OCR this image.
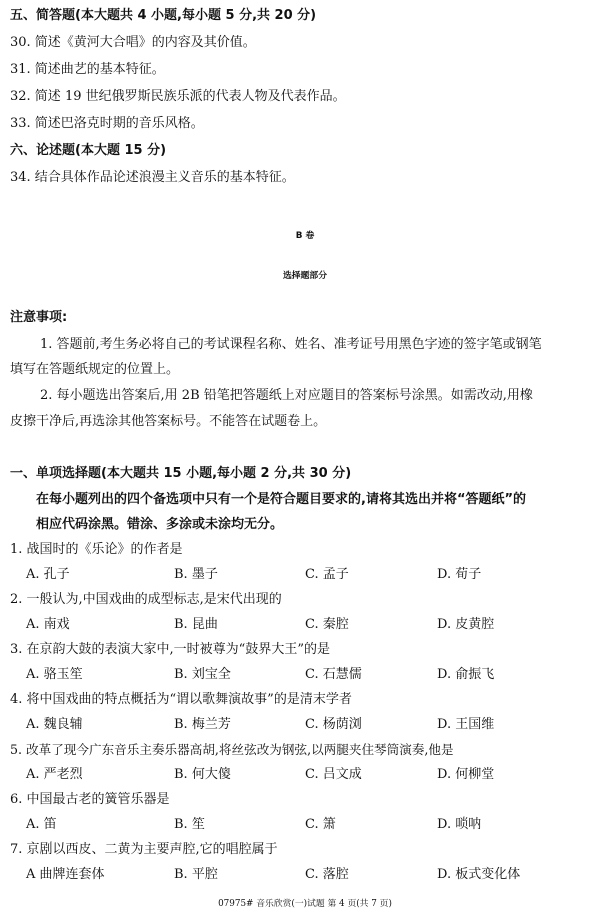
五、简答题(本大题共 4 小题,每小题 5 分,共 20 分)
30. 简述《黄河大合唱》的内容及其价值。
31. 简述曲艺的基本特征。
32. 简述 19 世纪俄罗斯民族乐派的代表人物及代表作品。
33. 简述巴洛克时期的音乐风格。
六、论述题(本大题 15 分)
34. 结合具体作品论述浪漫主义音乐的基本特征。
B 卷
选择题部分
注意事项:
1. 答题前,考生务必将自己的考试课程名称、姓名、准考证号用黑色字迹的签字笔或钢笔
填写在答题纸规定的位置上。
2. 每小题选出答案后,用 2B 铅笔把答题纸上对应题目的答案标号涂黑。如需改动,用橡
皮擦干净后,再选涂其他答案标号。不能答在试题卷上。
一、单项选择题(本大题共 15 小题,每小题 2 分,共 30 分)
在每小题列出的四个备选项中只有一个是符合题目要求的,请将其选出并将“答题纸”的
相应代码涂黑。错涂、多涂或未涂均无分。
1. 战国时的《乐论》的作者是
A. 孔子	B. 墨子	C. 孟子	D. 荀子
2. 一般认为,中国戏曲的成型标志,是宋代出现的
A. 南戏	B. 昆曲	C. 秦腔	D. 皮黄腔
3. 在京韵大鼓的表演大家中,一时被尊为“鼓界大王”的是
A. 骆玉笙	B. 刘宝全	C. 石慧儒	D. 俞振飞
4. 将中国戏曲的特点概括为“谓以歌舞演故事”的是清末学者
A. 魏良辅	B. 梅兰芳	C. 杨荫浏	D. 王国维
5. 改革了现今广东音乐主奏乐器高胡,将丝弦改为钢弦,以两腿夹住琴筒演奏,他是
A. 严老烈	B. 何大傻	C. 吕文成	D. 何柳堂
6. 中国最古老的簧管乐器是
A. 笛	B. 笙	C. 箫	D. 唢呐
7. 京剧以西皮、二黄为主要声腔,它的唱腔属于
A 曲牌连套体	B. 平腔	C. 落腔	D. 板式变化体
07975# 音乐欣赏(一)试题 第 4 页(共 7 页)
